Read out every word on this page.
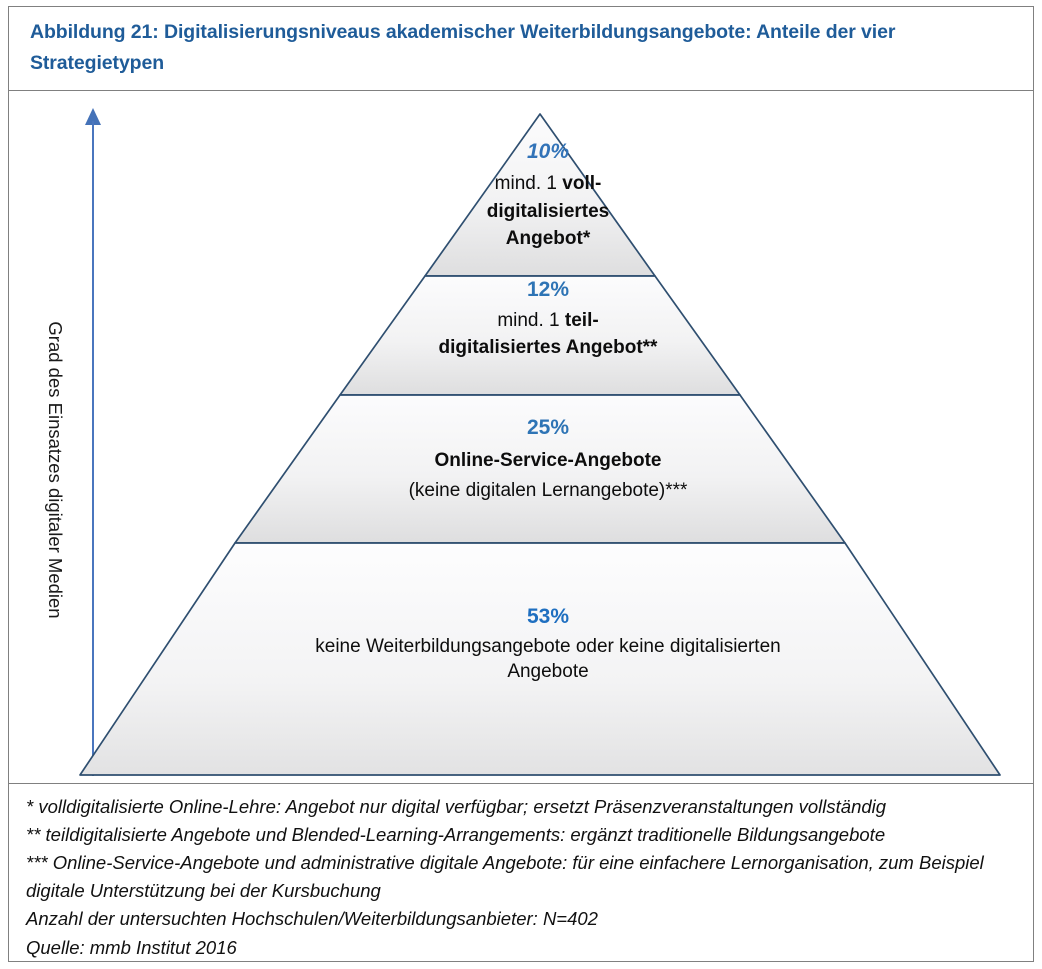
Abbildung 21: Digitalisierungsniveaus akademischer Weiterbildungsangebote: Anteile der vier Strategietypen
Grad des Einsatzes digitaler Medien
10%
mind. 1 voll-
digitalisiertes
Angebot*
12%
mind. 1 teil-
digitalisiertes Angebot**
25%
Online-Service-Angebote
(keine digitalen Lernangebote)***
53%
keine Weiterbildungsangebote oder keine digitalisierten
Angebote

* volldigitalisierte Online-Lehre: Angebot nur digital verfügbar; ersetzt Präsenzveranstaltungen vollständig

** teildigitalisierte Angebote und Blended-Learning-Arrangements: ergänzt traditionelle Bildungsangebote

*** Online-Service-Angebote und administrative digitale Angebote: für eine einfachere Lernorganisation, zum Beispiel digitale Unterstützung bei der Kursbuchung

Anzahl der untersuchten Hochschulen/Weiterbildungsanbieter: N=402

Quelle: mmb Institut 2016
